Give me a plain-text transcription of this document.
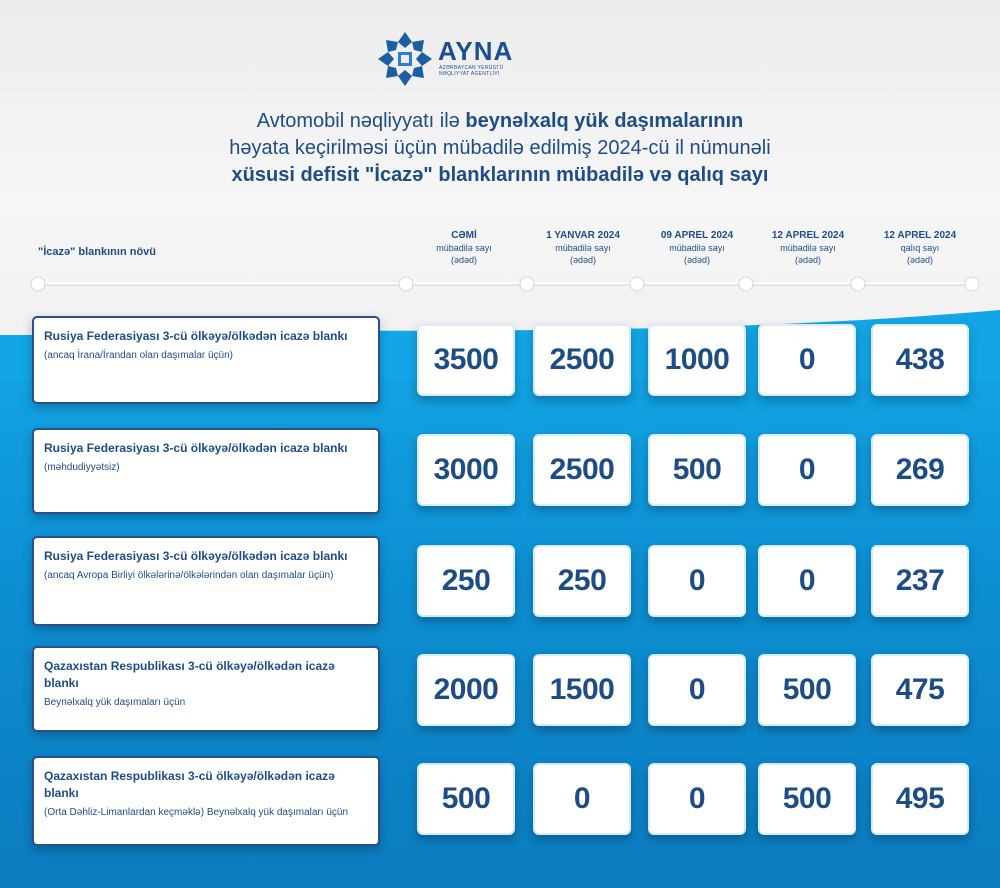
AYNA
AZƏRBAYCAN YERÜSTÜ NƏQLİYYAT AGENTLİYİ
Avtomobil nəqliyyatı ilə beynəlxalq yük daşımalarının
həyata keçirilməsi üçün mübadilə edilmiş 2024-cü il nümunəli
xüsusi defisit "İcazə" blanklarının mübadilə və qalıq sayı
"İcazə" blankının növü
CƏMİ
mübadilə sayı
(ədəd)
1 YANVAR 2024
mübadilə sayı
(ədəd)
09 APREL 2024
mübadilə sayı
(ədəd)
12 APREL 2024
mübadilə sayı
(ədəd)
12 APREL 2024
qalıq sayı
(ədəd)
Rusiya Federasiyası 3-cü ölkəyə/ölkədən icazə blankı
(ancaq İrana/İrandan olan daşımalar üçün)	3500	2500	1000	0	438
Rusiya Federasiyası 3-cü ölkəyə/ölkədən icazə blankı
(məhdudiyyətsiz)	3000	2500	500	0	269
Rusiya Federasiyası 3-cü ölkəyə/ölkədən icazə blankı
(ancaq Avropa Birliyi ölkələrinə/ölkələrindən olan daşımalar üçün)	250	250	0	0	237
Qazaxıstan Respublikası 3-cü ölkəyə/ölkədən icazə blankı
Beynəlxalq yük daşımaları üçün	2000	1500	0	500	475
Qazaxıstan Respublikası 3-cü ölkəyə/ölkədən icazə blankı
(Orta Dəhliz-Limanlardan keçməklə) Beynəlxalq yük daşımaları üçün	500	0	0	500	495
